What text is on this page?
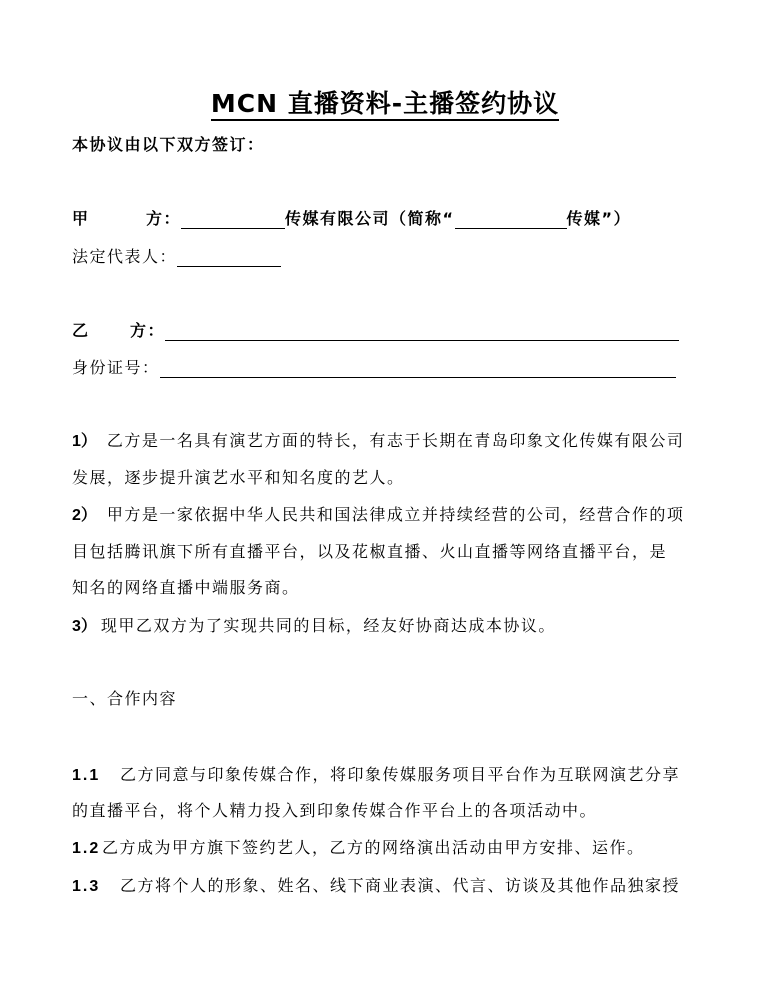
MCN 直播资料-主播签约协议
本协议由以下双方签订：
甲	方：	传媒有限公司（简称“	传媒”）
法定代表人：
乙	方：
身份证号：
1） 乙方是一名具有演艺方面的特长，有志于长期在青岛印象文化传媒有限公司
发展，逐步提升演艺水平和知名度的艺人。
2） 甲方是一家依据中华人民共和国法律成立并持续经营的公司，经营合作的项
目包括腾讯旗下所有直播平台，以及花椒直播、火山直播等网络直播平台，是
知名的网络直播中端服务商。
3） 现甲乙双方为了实现共同的目标，经友好协商达成本协议。
一、合作内容
1.1 乙方同意与印象传媒合作，将印象传媒服务项目平台作为互联网演艺分享
的直播平台，将个人精力投入到印象传媒合作平台上的各项活动中。
1.2 乙方成为甲方旗下签约艺人，乙方的网络演出活动由甲方安排、运作。
1.3 乙方将个人的形象、姓名、线下商业表演、代言、访谈及其他作品独家授
